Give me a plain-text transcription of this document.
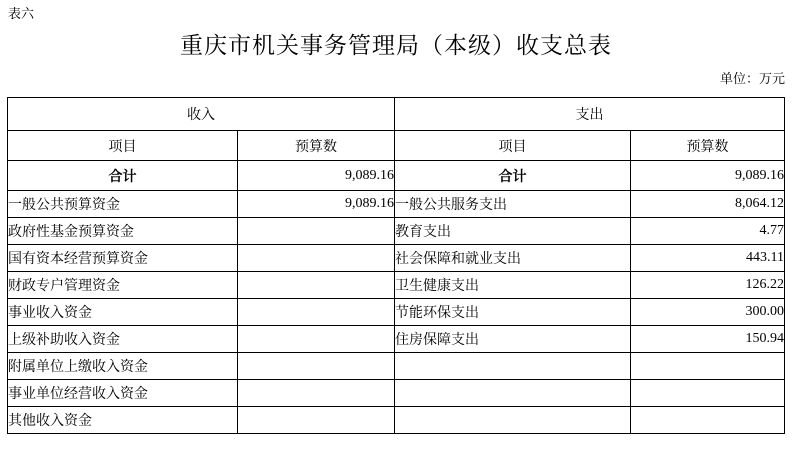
表六
重庆市机关事务管理局（本级）收支总表
单位：万元
收入		支出	
项目	预算数	项目	预算数
合计	9,089.16	合计	9,089.16
一般公共预算资金	9,089.16	一般公共服务支出	8,064.12
政府性基金预算资金		教育支出	4.77
国有资本经营预算资金		社会保障和就业支出	443.11
财政专户管理资金		卫生健康支出	126.22
事业收入资金		节能环保支出	300.00
上级补助收入资金		住房保障支出	150.94
附属单位上缴收入资金			
事业单位经营收入资金			
其他收入资金			
